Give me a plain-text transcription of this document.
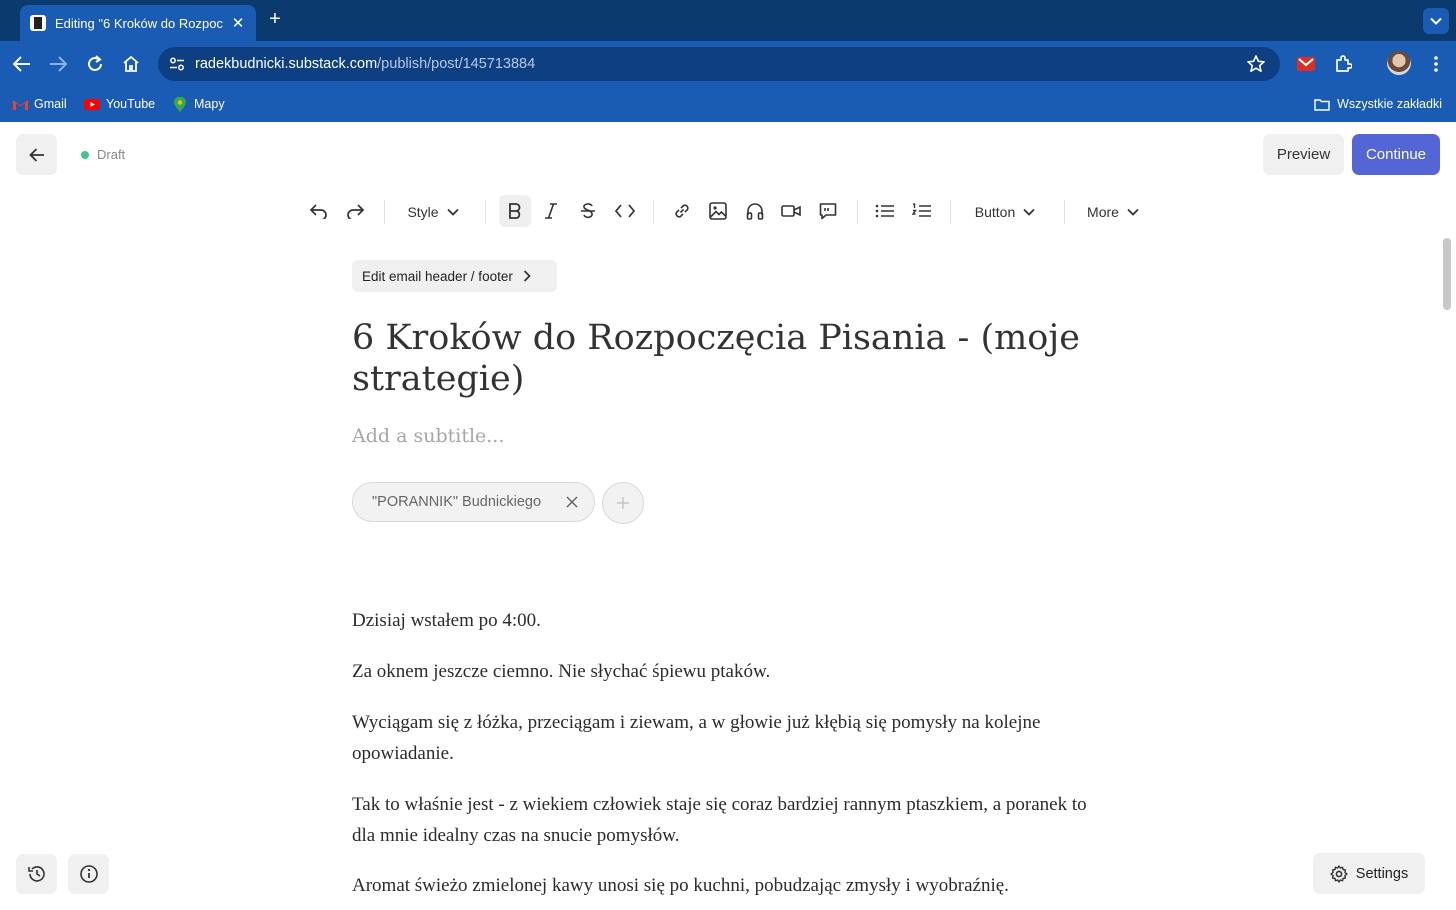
Editing "6 Kroków do Rozpoc ✕ +
radekbudnicki.substack.com/publish/post/145713884
Gmail	YouTube	Mapy	Wszystkie zakładki
Draft	Preview	Continue
Style	Button	More
Edit email header / footer
6 Kroków do Rozpoczęcia Pisania - (moje strategie)
Add a subtitle...
"PORANNIK" Budnickiego

Dzisiaj wstałem po 4:00.

Za oknem jeszcze ciemno. Nie słychać śpiewu ptaków.

Wyciągam się z łóżka, przeciągam i ziewam, a w głowie już kłębią się pomysły na kolejne opowiadanie.

Tak to właśnie jest - z wiekiem człowiek staje się coraz bardziej rannym ptaszkiem, a poranek to dla mnie idealny czas na snucie pomysłów.

Aromat świeżo zmielonej kawy unosi się po kuchni, pobudzając zmysły i wyobraźnię.

Settings
